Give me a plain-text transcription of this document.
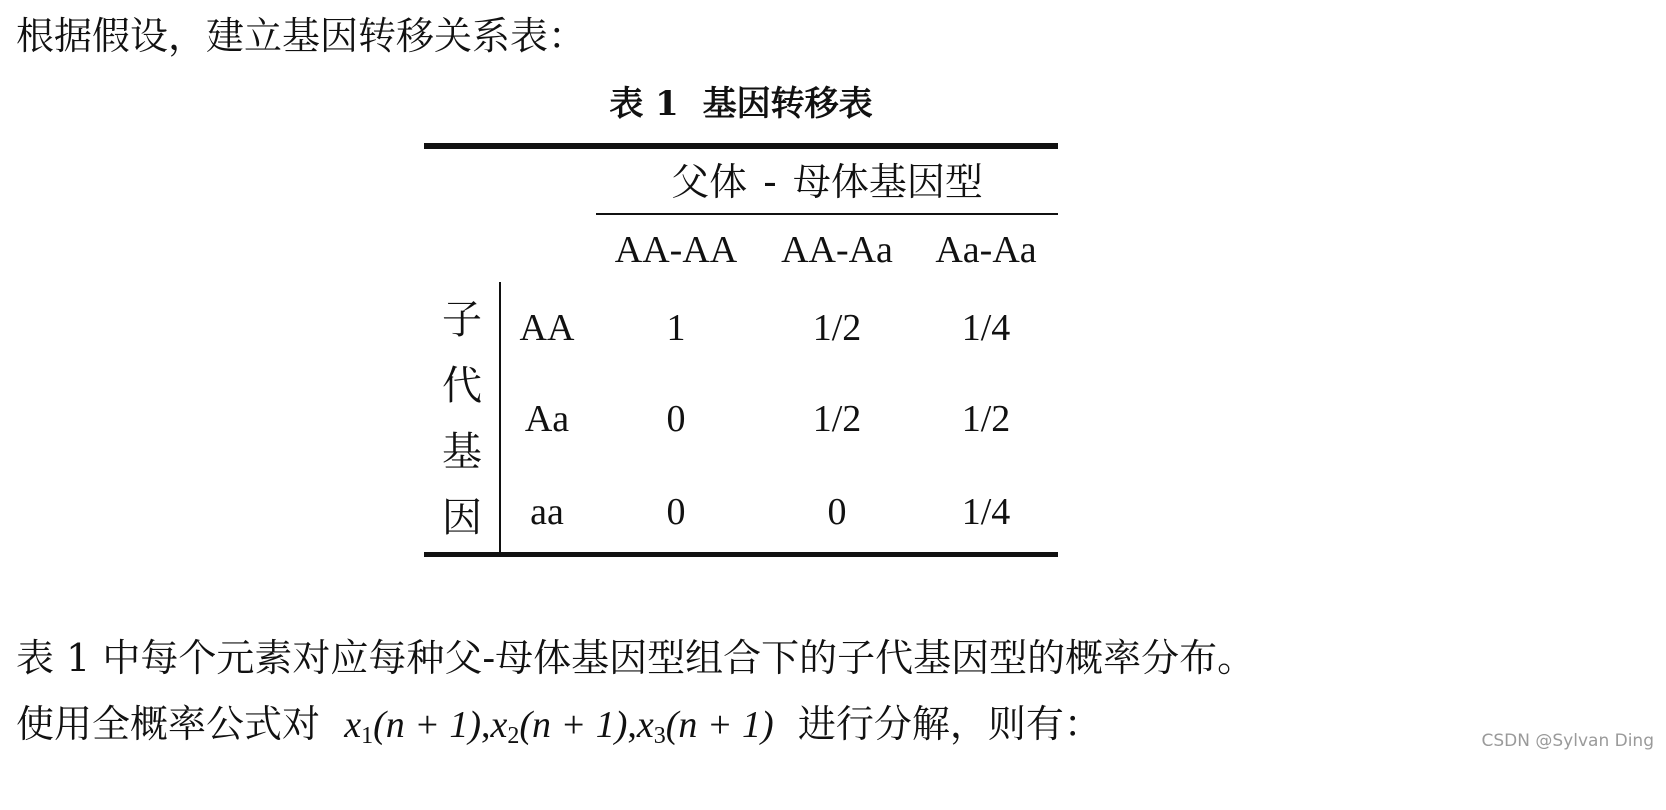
根据假设，建立基因转移关系表：
表 1 基因转移表
父体 - 母体基因型
AA-AA	AA-Aa	Aa-Aa
子
代
基
因
AA	1	1/2	1/4
Aa	0	1/2	1/2
aa	0	0	1/4
表 1 中每个元素对应每种父-母体基因型组合下的子代基因型的概率分布。
使用全概率公式对 $x_1(n + 1),x_2(n + 1),x_3(n + 1)$ 进行分解，则有：	CSDN @Sylvan Ding
